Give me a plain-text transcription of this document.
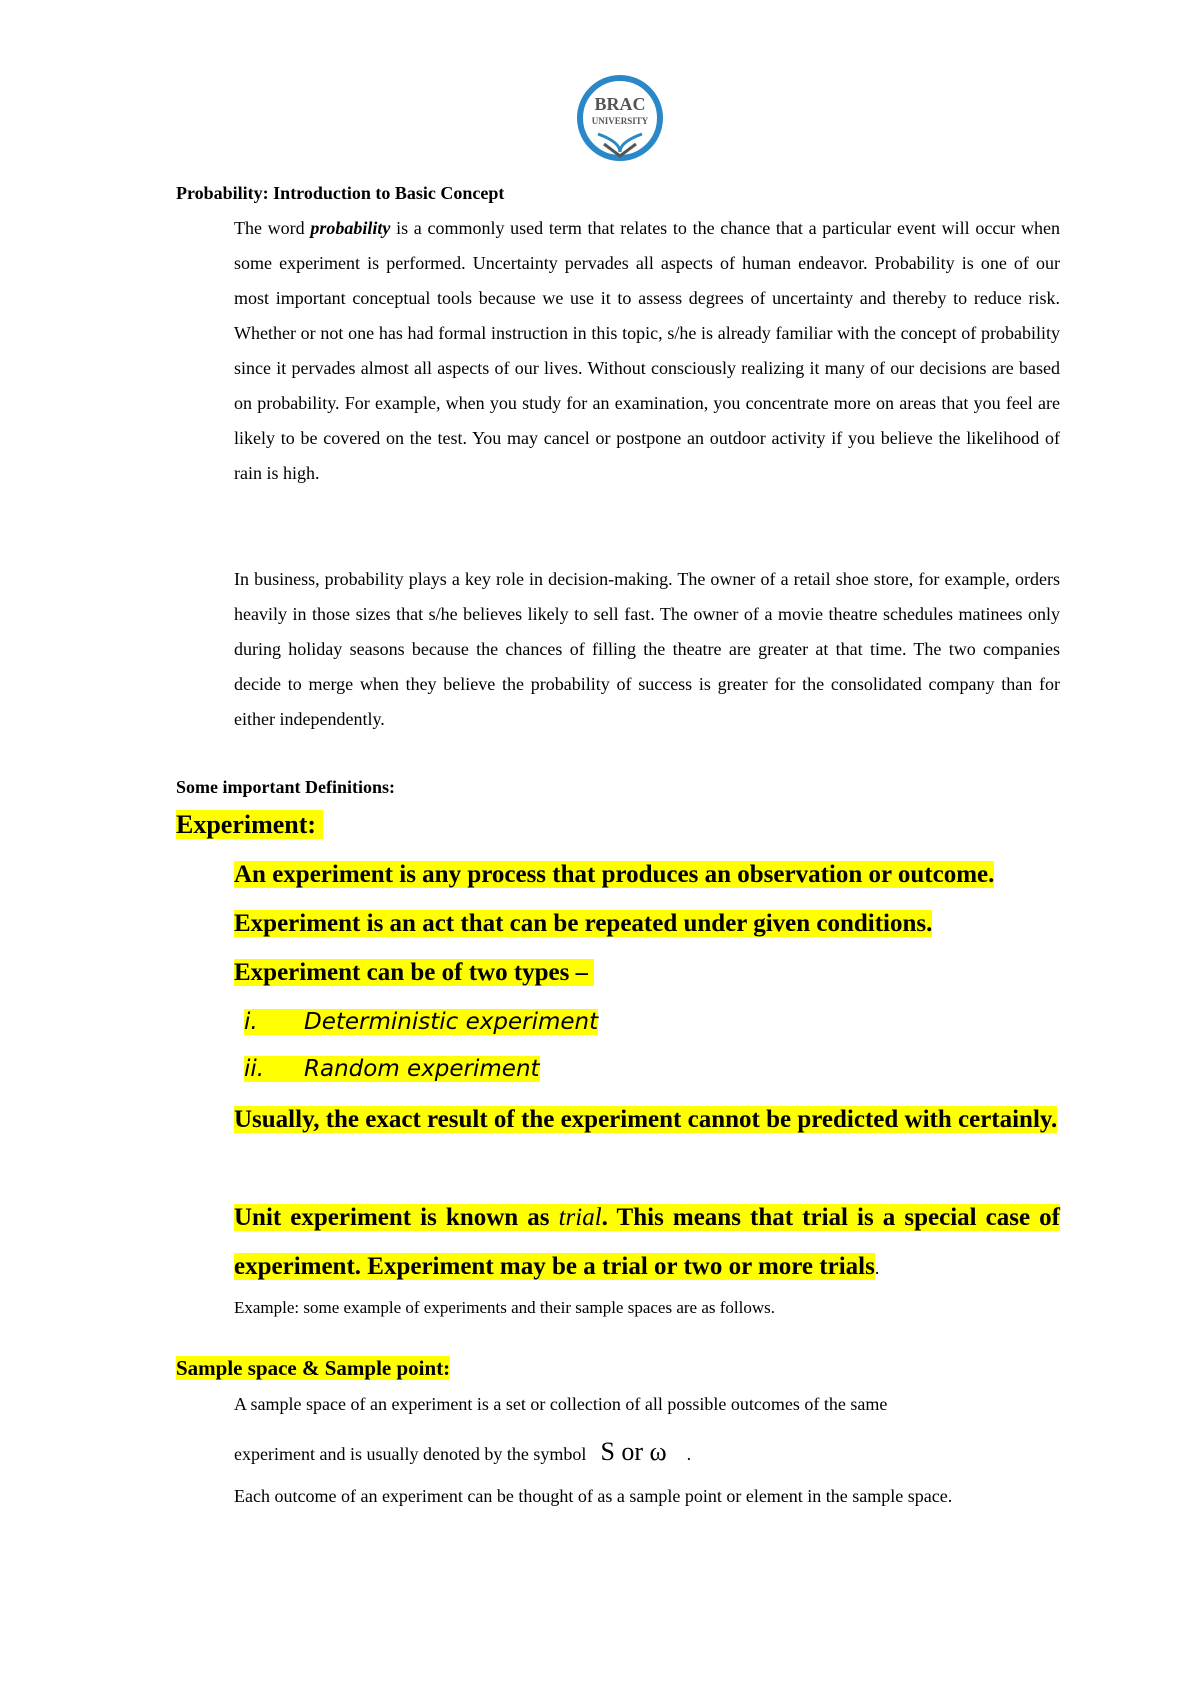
BRAC
UNIVERSITY
Probability: Introduction to Basic Concept
The word probability is a commonly used term that relates to the chance that a particular event will occur when some experiment is performed. Uncertainty pervades all aspects of human endeavor. Probability is one of our most important conceptual tools because we use it to assess degrees of uncertainty and thereby to reduce risk. Whether or not one has had formal instruction in this topic, s/he is already familiar with the concept of probability since it pervades almost all aspects of our lives. Without consciously realizing it many of our decisions are based on probability. For example, when you study for an examination, you concentrate more on areas that you feel are likely to be covered on the test. You may cancel or postpone an outdoor activity if you believe the likelihood of rain is high.
In business, probability plays a key role in decision-making. The owner of a retail shoe store, for example, orders heavily in those sizes that s/he believes likely to sell fast. The owner of a movie theatre schedules matinees only during holiday seasons because the chances of filling the theatre are greater at that time. The two companies decide to merge when they believe the probability of success is greater for the consolidated company than for either independently.
Some important Definitions:
Experiment:
An experiment is any process that produces an observation or outcome.
Experiment is an act that can be repeated under given conditions.
Experiment can be of two types –
i. Deterministic experiment
ii. Random experiment
Usually, the exact result of the experiment cannot be predicted with certainly.
Unit experiment is known as trial. This means that trial is a special case of experiment. Experiment may be a trial or two or more trials.
Example: some example of experiments and their sample spaces are as follows.
Sample space & Sample point:
A sample space of an experiment is a set or collection of all possible outcomes of the same
experiment and is usually denoted by the symbol S or ω .
Each outcome of an experiment can be thought of as a sample point or element in the sample space.
